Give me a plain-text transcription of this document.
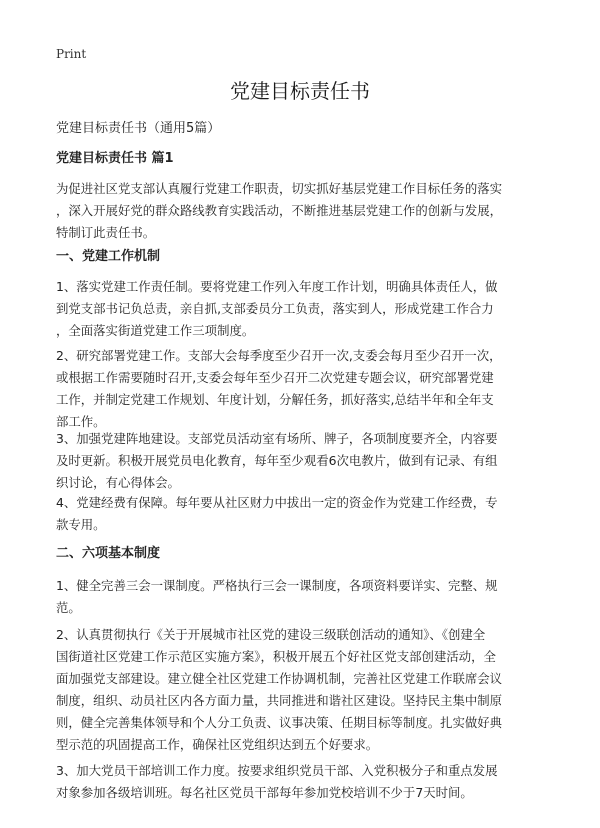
Print
党建目标责任书

党建目标责任书（通用5篇）

党建目标责任书 篇1

为促进社区党支部认真履行党建工作职责，切实抓好基层党建工作目标任务的落实
，深入开展好党的群众路线教育实践活动，不断推进基层党建工作的创新与发展，
特制订此责任书。

一、党建工作机制

1、落实党建工作责任制。要将党建工作列入年度工作计划，明确具体责任人，做
到党支部书记负总责，亲自抓,支部委员分工负责，落实到人，形成党建工作合力
，全面落实街道党建工作三项制度。

2、研究部署党建工作。支部大会每季度至少召开一次,支委会每月至少召开一次，
或根据工作需要随时召开,支委会每年至少召开二次党建专题会议，研究部署党建
工作，并制定党建工作规划、年度计划，分解任务，抓好落实,总结半年和全年支
部工作。

3、加强党建阵地建设。支部党员活动室有场所、牌子，各项制度要齐全，内容要
及时更新。积极开展党员电化教育，每年至少观看6次电教片，做到有记录、有组
织讨论，有心得体会。

4、党建经费有保障。每年要从社区财力中拔出一定的资金作为党建工作经费，专
款专用。

二、六项基本制度

1、健全完善三会一课制度。严格执行三会一课制度，各项资料要详实、完整、规
范。

2、认真贯彻执行《关于开展城市社区党的建设三级联创活动的通知》、《创建全
国街道社区党建工作示范区实施方案》，积极开展五个好社区党支部创建活动，全
面加强党支部建设。建立健全社区党建工作协调机制，完善社区党建工作联席会议
制度，组织、动员社区内各方面力量，共同推进和谐社区建设。坚持民主集中制原
则，健全完善集体领导和个人分工负责、议事决策、任期目标等制度。扎实做好典
型示范的巩固提高工作，确保社区党组织达到五个好要求。

3、加大党员干部培训工作力度。按要求组织党员干部、入党积极分子和重点发展
对象参加各级培训班。每名社区党员干部每年参加党校培训不少于7天时间。
